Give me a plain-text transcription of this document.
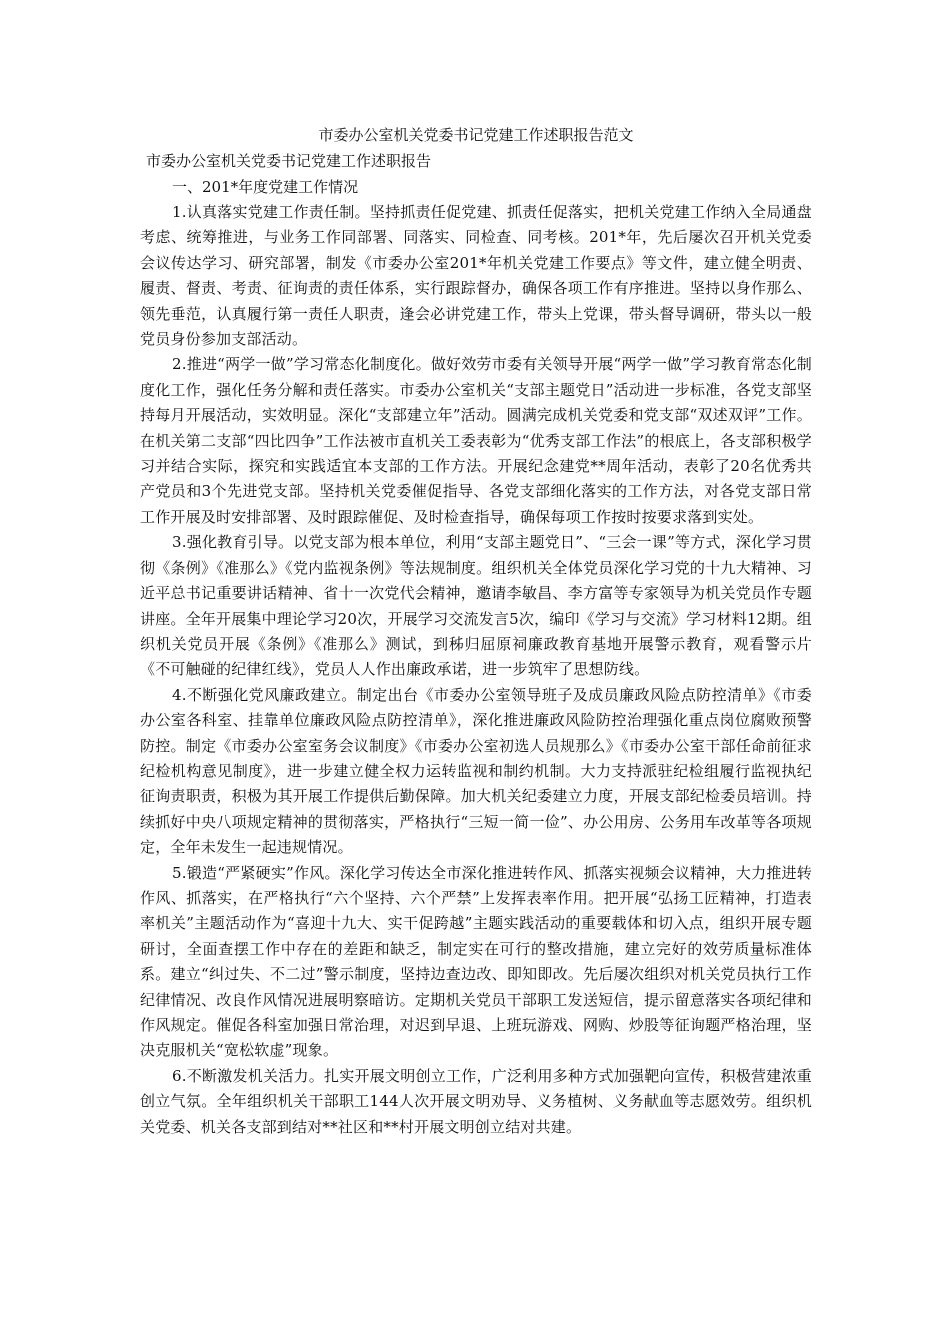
市委办公室机关党委书记党建工作述职报告范文

市委办公室机关党委书记党建工作述职报告

一、201*年度党建工作情况

1.认真落实党建工作责任制。坚持抓责任促党建、抓责任促落实，把机关党建工作纳入全局通盘考虑、统筹推进，与业务工作同部署、同落实、同检查、同考核。201*年，先后屡次召开机关党委会议传达学习、研究部署，制发《市委办公室201*年机关党建工作要点》等文件，建立健全明责、履责、督责、考责、征询责的责任体系，实行跟踪督办，确保各项工作有序推进。坚持以身作那么、领先垂范，认真履行第一责任人职责，逢会必讲党建工作，带头上党课，带头督导调研，带头以一般党员身份参加支部活动。

2.推进“两学一做”学习常态化制度化。做好效劳市委有关领导开展“两学一做”学习教育常态化制度化工作，强化任务分解和责任落实。市委办公室机关“支部主题党日”活动进一步标准，各党支部坚持每月开展活动，实效明显。深化“支部建立年”活动。圆满完成机关党委和党支部“双述双评”工作。在机关第二支部“四比四争”工作法被市直机关工委表彰为“优秀支部工作法”的根底上，各支部积极学习并结合实际，探究和实践适宜本支部的工作方法。开展纪念建党**周年活动，表彰了20名优秀共产党员和3个先进党支部。坚持机关党委催促指导、各党支部细化落实的工作方法，对各党支部日常工作开展及时安排部署、及时跟踪催促、及时检查指导，确保每项工作按时按要求落到实处。

3.强化教育引导。以党支部为根本单位，利用“支部主题党日”、“三会一课”等方式，深化学习贯彻《条例》《准那么》《党内监视条例》等法规制度。组织机关全体党员深化学习党的十九大精神、习近平总书记重要讲话精神、省十一次党代会精神，邀请李敏昌、李方富等专家领导为机关党员作专题讲座。全年开展集中理论学习20次，开展学习交流发言5次，编印《学习与交流》学习材料12期。组织机关党员开展《条例》《准那么》测试，到秭归屈原祠廉政教育基地开展警示教育，观看警示片《不可触碰的纪律红线》，党员人人作出廉政承诺，进一步筑牢了思想防线。

4.不断强化党风廉政建立。制定出台《市委办公室领导班子及成员廉政风险点防控清单》《市委办公室各科室、挂靠单位廉政风险点防控清单》，深化推进廉政风险防控治理强化重点岗位腐败预警防控。制定《市委办公室室务会议制度》《市委办公室初选人员规那么》《市委办公室干部任命前征求纪检机构意见制度》，进一步建立健全权力运转监视和制约机制。大力支持派驻纪检组履行监视执纪征询责职责，积极为其开展工作提供后勤保障。加大机关纪委建立力度，开展支部纪检委员培训。持续抓好中央八项规定精神的贯彻落实，严格执行“三短一简一俭”、办公用房、公务用车改革等各项规定，全年未发生一起违规情况。

5.锻造“严紧硬实”作风。深化学习传达全市深化推进转作风、抓落实视频会议精神，大力推进转作风、抓落实，在严格执行“六个坚持、六个严禁”上发挥表率作用。把开展“弘扬工匠精神，打造表率机关”主题活动作为“喜迎十九大、实干促跨越”主题实践活动的重要载体和切入点，组织开展专题研讨，全面查摆工作中存在的差距和缺乏，制定实在可行的整改措施，建立完好的效劳质量标准体系。建立“纠过失、不二过”警示制度，坚持边查边改、即知即改。先后屡次组织对机关党员执行工作纪律情况、改良作风情况进展明察暗访。定期机关党员干部职工发送短信，提示留意落实各项纪律和作风规定。催促各科室加强日常治理，对迟到早退、上班玩游戏、网购、炒股等征询题严格治理，坚决克服机关“宽松软虚”现象。

6.不断激发机关活力。扎实开展文明创立工作，广泛利用多种方式加强靶向宣传，积极营建浓重创立气氛。全年组织机关干部职工144人次开展文明劝导、义务植树、义务献血等志愿效劳。组织机关党委、机关各支部到结对**社区和**村开展文明创立结对共建。
